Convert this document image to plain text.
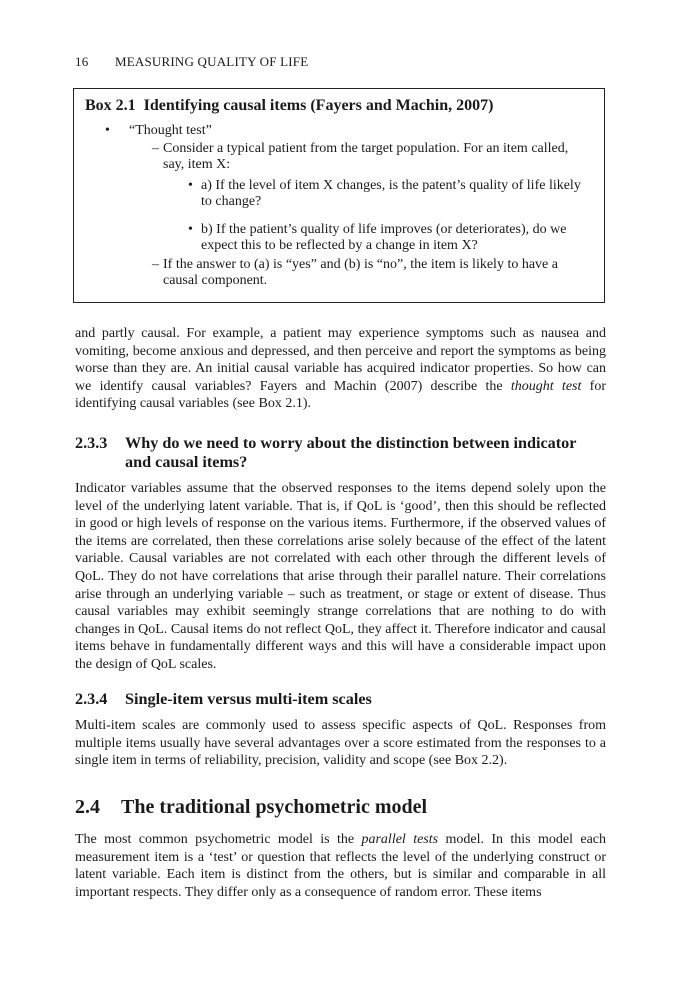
16 MEASURING QUALITY OF LIFE
Box 2.1 Identifying causal items (Fayers and Machin, 2007)
• “Thought test”
– Consider a typical patient from the target population. For an item called, say, item X:
• a) If the level of item X changes, is the patent’s quality of life likely to change?
• b) If the patient’s quality of life improves (or deteriorates), do we expect this to be reflected by a change in item X?
– If the answer to (a) is “yes” and (b) is “no”, the item is likely to have a causal component.

and partly causal. For example, a patient may experience symptoms such as nausea and vomiting, become anxious and depressed, and then perceive and report the symptoms as being worse than they are. An initial causal variable has acquired indicator properties. So how can we identify causal variables? Fayers and Machin (2007) describe the thought test for identifying causal variables (see Box 2.1).

2.3.3	Why do we need to worry about the distinction between indicator and causal items?

Indicator variables assume that the observed responses to the items depend solely upon the level of the underlying latent variable. That is, if QoL is ‘good’, then this should be reflected in good or high levels of response on the various items. Furthermore, if the observed values of the items are correlated, then these correlations arise solely because of the effect of the latent variable. Causal variables are not correlated with each other through the different levels of QoL. They do not have correlations that arise through their parallel nature. Their correlations arise through an underlying variable – such as treatment, or stage or extent of disease. Thus causal variables may exhibit seemingly strange correlations that are nothing to do with changes in QoL. Causal items do not reflect QoL, they affect it. Therefore indicator and causal items behave in fundamentally different ways and this will have a considerable impact upon the design of QoL scales.

2.3.4	Single-item versus multi-item scales

Multi-item scales are commonly used to assess specific aspects of QoL. Responses from multiple items usually have several advantages over a score estimated from the responses to a single item in terms of reliability, precision, validity and scope (see Box 2.2).

2.4 The traditional psychometric model

The most common psychometric model is the parallel tests model. In this model each measurement item is a ‘test’ or question that reflects the level of the underlying construct or latent variable. Each item is distinct from the others, but is similar and comparable in all important respects. They differ only as a consequence of random error. These items
